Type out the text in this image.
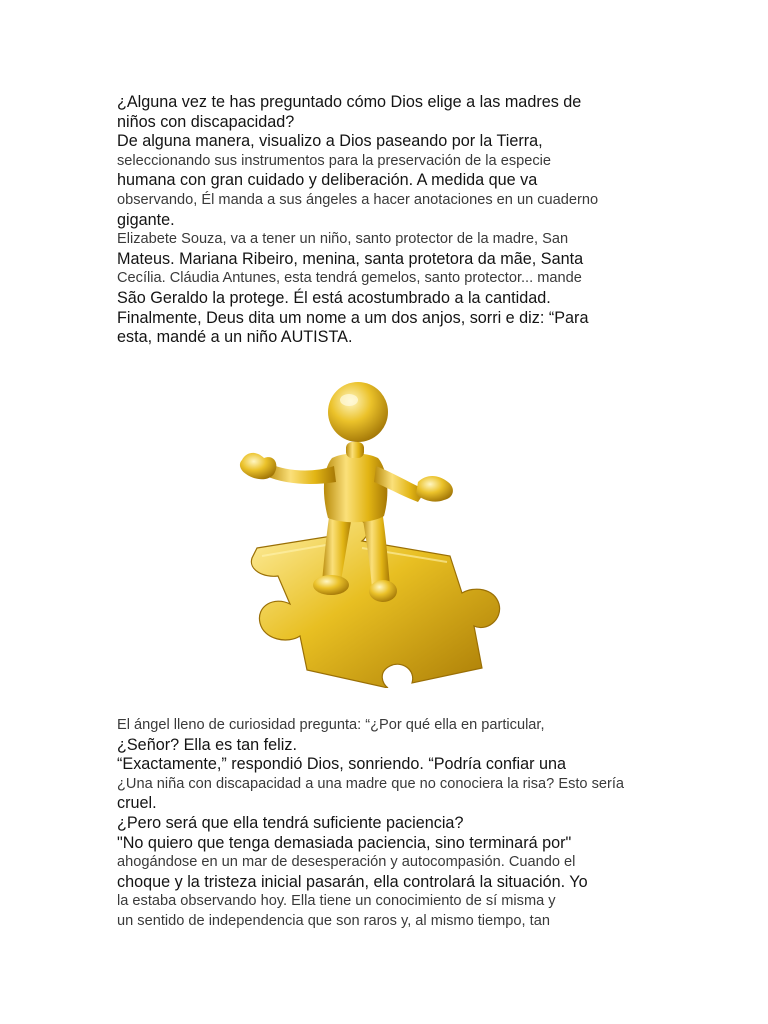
¿Alguna vez te has preguntado cómo Dios elige a las madres de
niños con discapacidad?
De alguna manera, visualizo a Dios paseando por la Tierra,
seleccionando sus instrumentos para la preservación de la especie
humana con gran cuidado y deliberación. A medida que va
observando, Él manda a sus ángeles a hacer anotaciones en un cuaderno
gigante.
Elizabete Souza, va a tener un niño, santo protector de la madre, San
Mateus. Mariana Ribeiro, menina, santa protetora da mãe, Santa
Cecília. Cláudia Antunes, esta tendrá gemelos, santo protector... mande
São Geraldo la protege. Él está acostumbrado a la cantidad.
Finalmente, Deus dita um nome a um dos anjos, sorri e diz: “Para
esta, mandé a un niño AUTISTA.
El ángel lleno de curiosidad pregunta: “¿Por qué ella en particular,
¿Señor? Ella es tan feliz.
“Exactamente,” respondió Dios, sonriendo. “Podría confiar una
¿Una niña con discapacidad a una madre que no conociera la risa? Esto sería
cruel.
¿Pero será que ella tendrá suficiente paciencia?
"No quiero que tenga demasiada paciencia, sino terminará por"
ahogándose en un mar de desesperación y autocompasión. Cuando el
choque y la tristeza inicial pasarán, ella controlará la situación. Yo
la estaba observando hoy. Ella tiene un conocimiento de sí misma y
un sentido de independencia que son raros y, al mismo tiempo, tan
